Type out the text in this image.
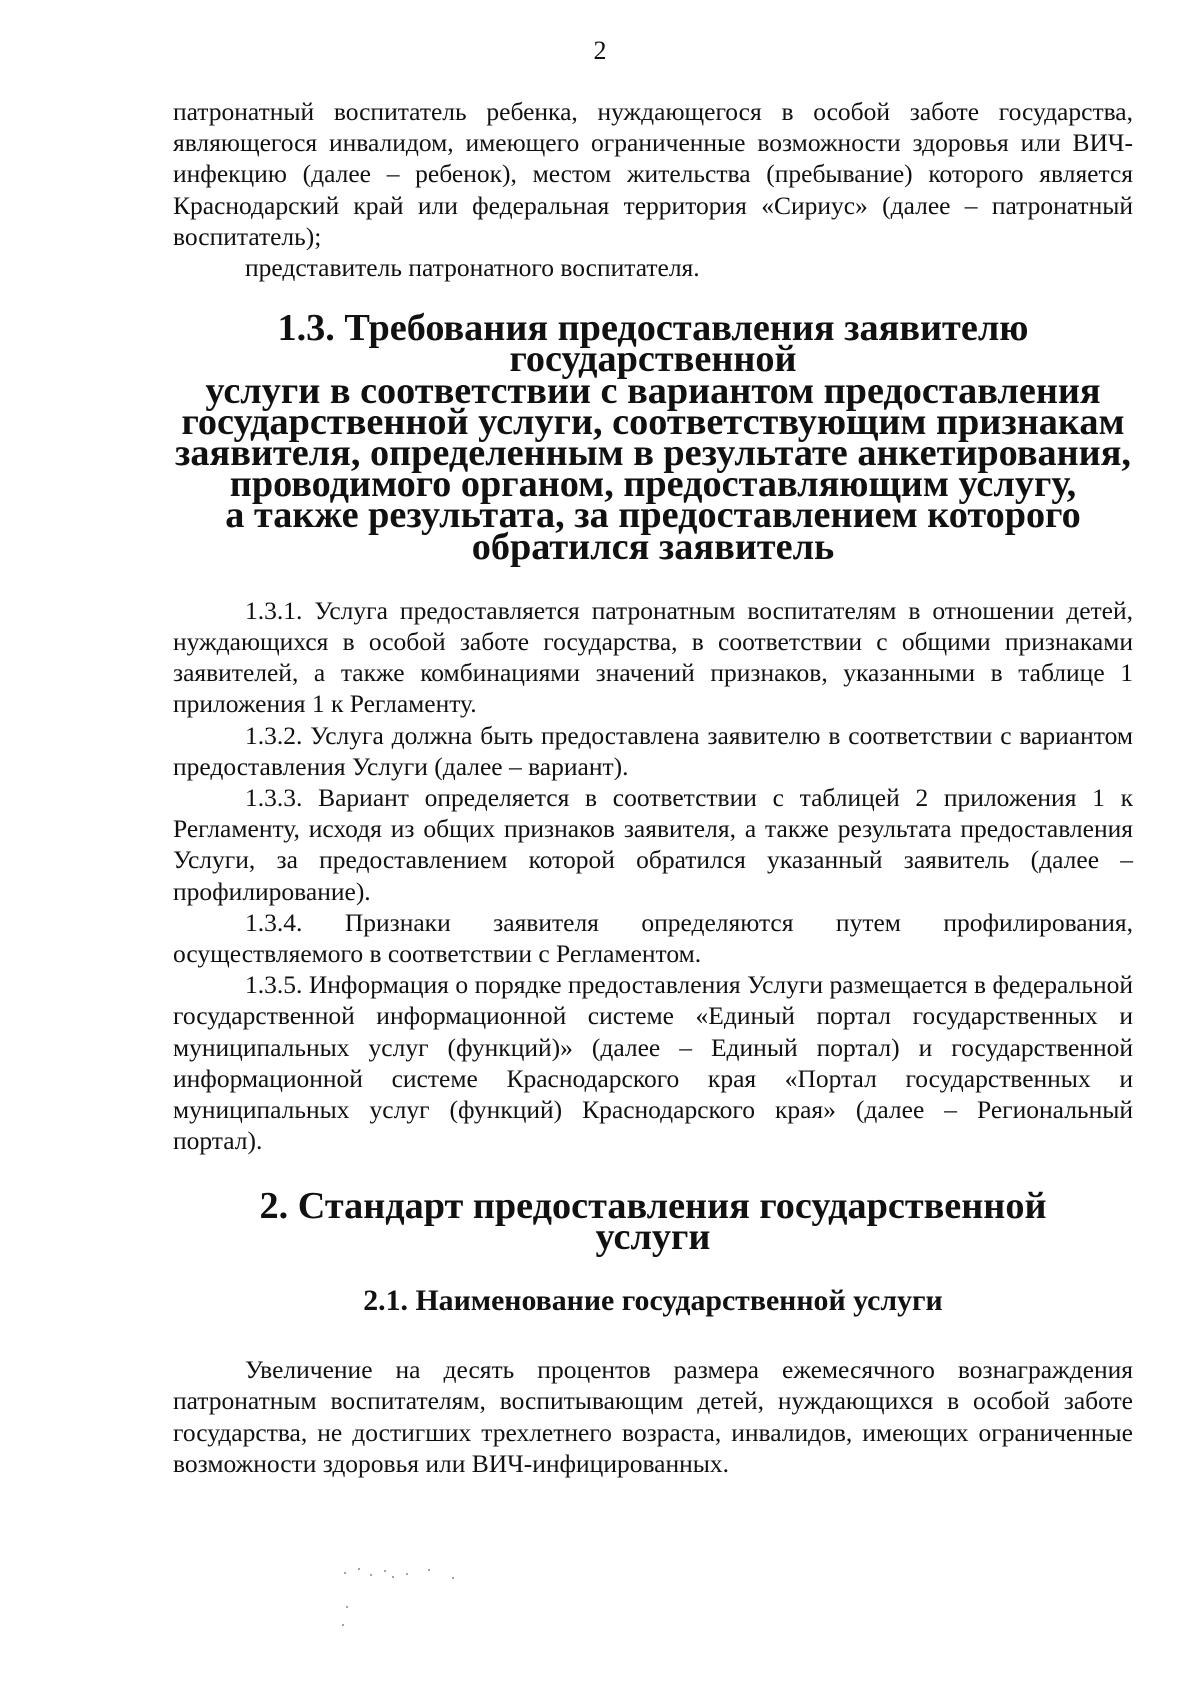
2

патронатный воспитатель ребенка, нуждающегося в особой заботе государства, являющегося инвалидом, имеющего ограниченные возможности здоровья или ВИЧ-инфекцию (далее – ребенок), местом жительства (пребывание) которого является Краснодарский край или федеральная территория «Сириус» (далее – патронатный воспитатель);

представитель патронатного воспитателя.

1.3. Требования предоставления заявителю государственной
услуги в соответствии с вариантом предоставления
государственной услуги, соответствующим признакам
заявителя, определенным в результате анкетирования,
проводимого органом, предоставляющим услугу,
а также результата, за предоставлением которого
обратился заявитель

1.3.1. Услуга предоставляется патронатным воспитателям в отношении детей, нуждающихся в особой заботе государства, в соответствии с общими признаками заявителей, а также комбинациями значений признаков, указанными в таблице 1 приложения 1 к Регламенту.

1.3.2. Услуга должна быть предоставлена заявителю в соответствии с вариантом предоставления Услуги (далее – вариант).

1.3.3. Вариант определяется в соответствии с таблицей 2 приложения 1 к Регламенту, исходя из общих признаков заявителя, а также результата предоставления Услуги, за предоставлением которой обратился указанный заявитель (далее – профилирование).

1.3.4. Признаки заявителя определяются путем профилирования, осуществляемого в соответствии с Регламентом.

1.3.5. Информация о порядке предоставления Услуги размещается в федеральной государственной информационной системе «Единый портал государственных и муниципальных услуг (функций)» (далее – Единый портал) и государственной информационной системе Краснодарского края «Портал государственных и муниципальных услуг (функций) Краснодарского края» (далее – Региональный портал).

2. Стандарт предоставления государственной
услуги
2.1. Наименование государственной услуги

Увеличение на десять процентов размера ежемесячного вознаграждения патронатным воспитателям, воспитывающим детей, нуждающихся в особой заботе государства, не достигших трехлетнего возраста, инвалидов, имеющих ограниченные возможности здоровья или ВИЧ-инфицированных.
